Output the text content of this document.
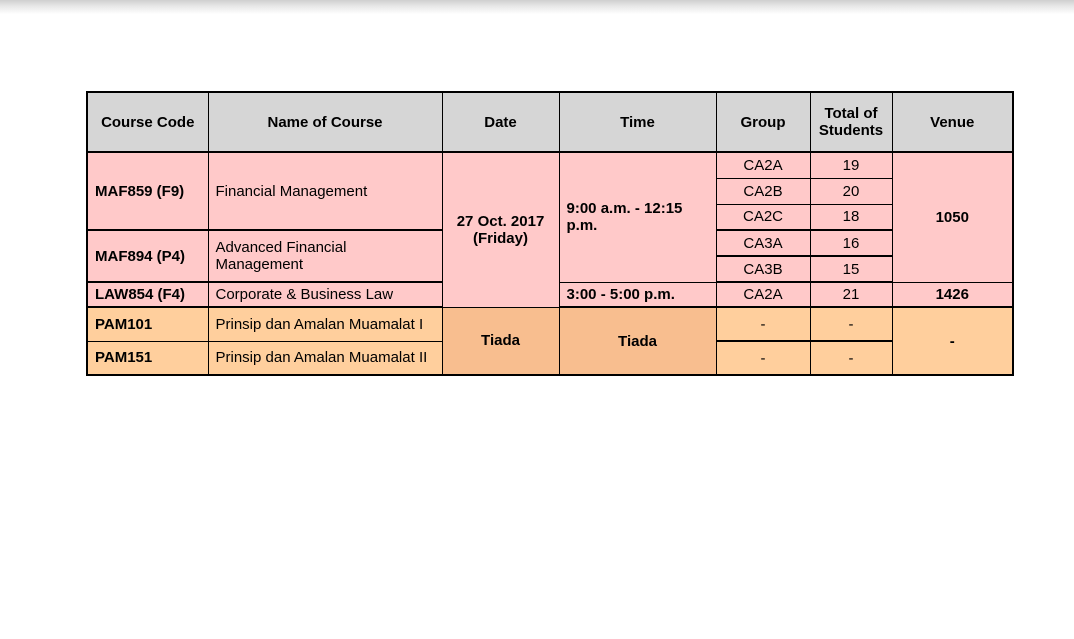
Course Code	Name of Course	Date	Time	Group	Total of Students	Venue
MAF859 (F9)	Financial Management	27 Oct. 2017 (Friday)	9:00 a.m. - 12:15 p.m.	CA2A	19	1050
				CA2B	20	
				CA2C	18	
MAF894 (P4)	Advanced Financial Management			CA3A	16	
				CA3B	15	
LAW854 (F4)	Corporate & Business Law		3:00 - 5:00 p.m.	CA2A	21	1426
PAM101	Prinsip dan Amalan Muamalat I	Tiada	Tiada	-	-	-
PAM151	Prinsip dan Amalan Muamalat II			-	-	
